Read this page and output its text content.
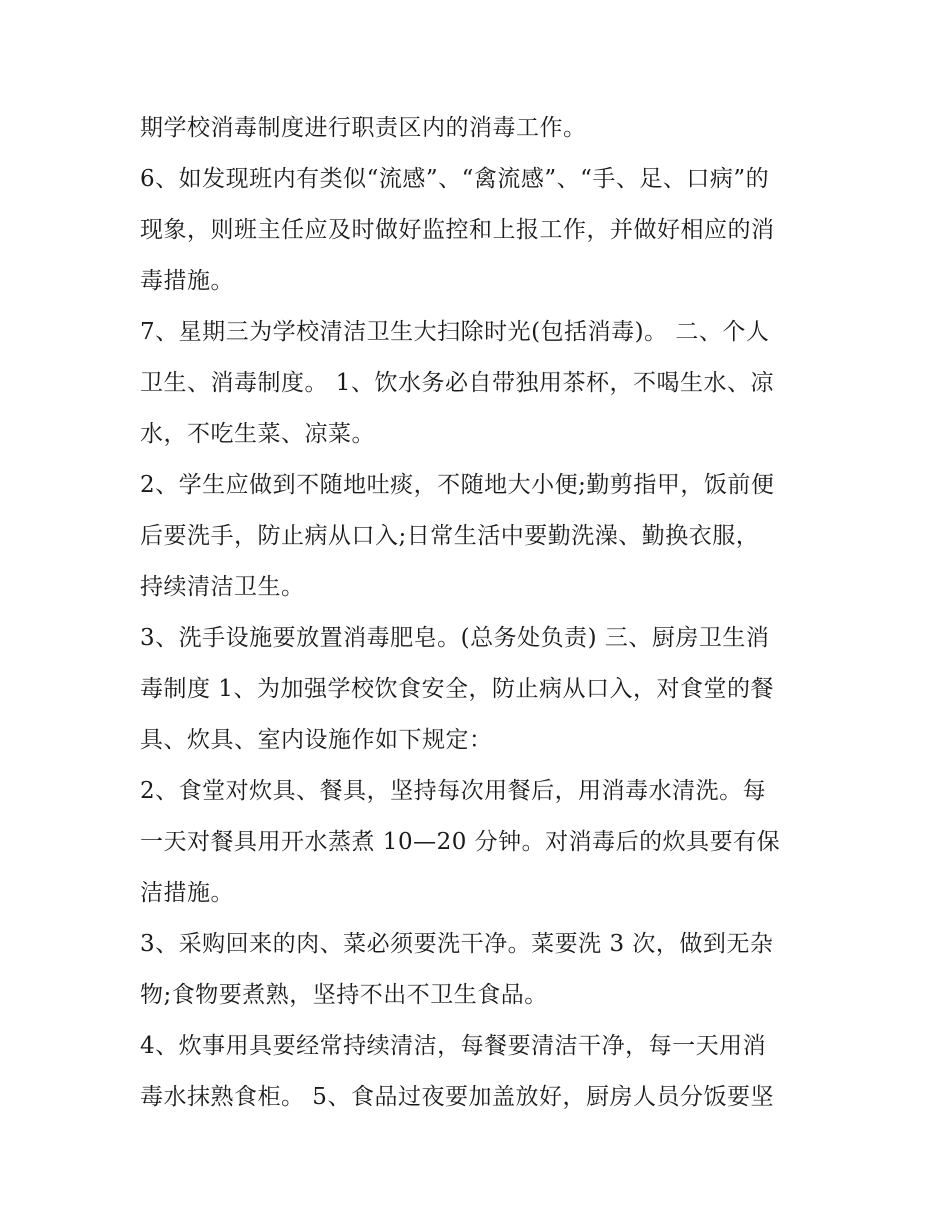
期学校消毒制度进行职责区内的消毒工作。
6、如发现班内有类似“流感”、“禽流感”、“手、足、口病”的
现象，则班主任应及时做好监控和上报工作，并做好相应的消
毒措施。
7、星期三为学校清洁卫生大扫除时光(包括消毒)。 二、个人
卫生、消毒制度。 1、饮水务必自带独用茶杯，不喝生水、凉
水，不吃生菜、凉菜。
2、学生应做到不随地吐痰，不随地大小便;勤剪指甲，饭前便
后要洗手，防止病从口入;日常生活中要勤洗澡、勤换衣服，
持续清洁卫生。
3、洗手设施要放置消毒肥皂。(总务处负责) 三、厨房卫生消
毒制度 1、为加强学校饮食安全，防止病从口入，对食堂的餐
具、炊具、室内设施作如下规定：
2、食堂对炊具、餐具，坚持每次用餐后，用消毒水清洗。每
一天对餐具用开水蒸煮 10—20 分钟。对消毒后的炊具要有保
洁措施。
3、采购回来的肉、菜必须要洗干净。菜要洗 3 次，做到无杂
物;食物要煮熟，坚持不出不卫生食品。
4、炊事用具要经常持续清洁，每餐要清洁干净，每一天用消
毒水抹熟食柜。 5、食品过夜要加盖放好，厨房人员分饭要坚
